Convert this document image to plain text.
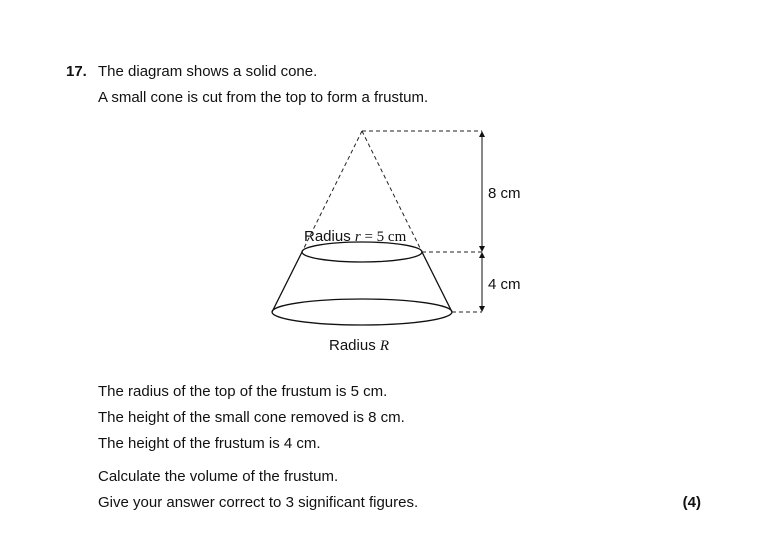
17. The diagram shows a solid cone.
A small cone is cut from the top to form a frustum.
8 cm
4 cm
Radius r = 5 cm
Radius R
The radius of the top of the frustum is 5 cm.
The height of the small cone removed is 8 cm.
The height of the frustum is 4 cm.
Calculate the volume of the frustum.
Give your answer correct to 3 significant figures.	(4)
